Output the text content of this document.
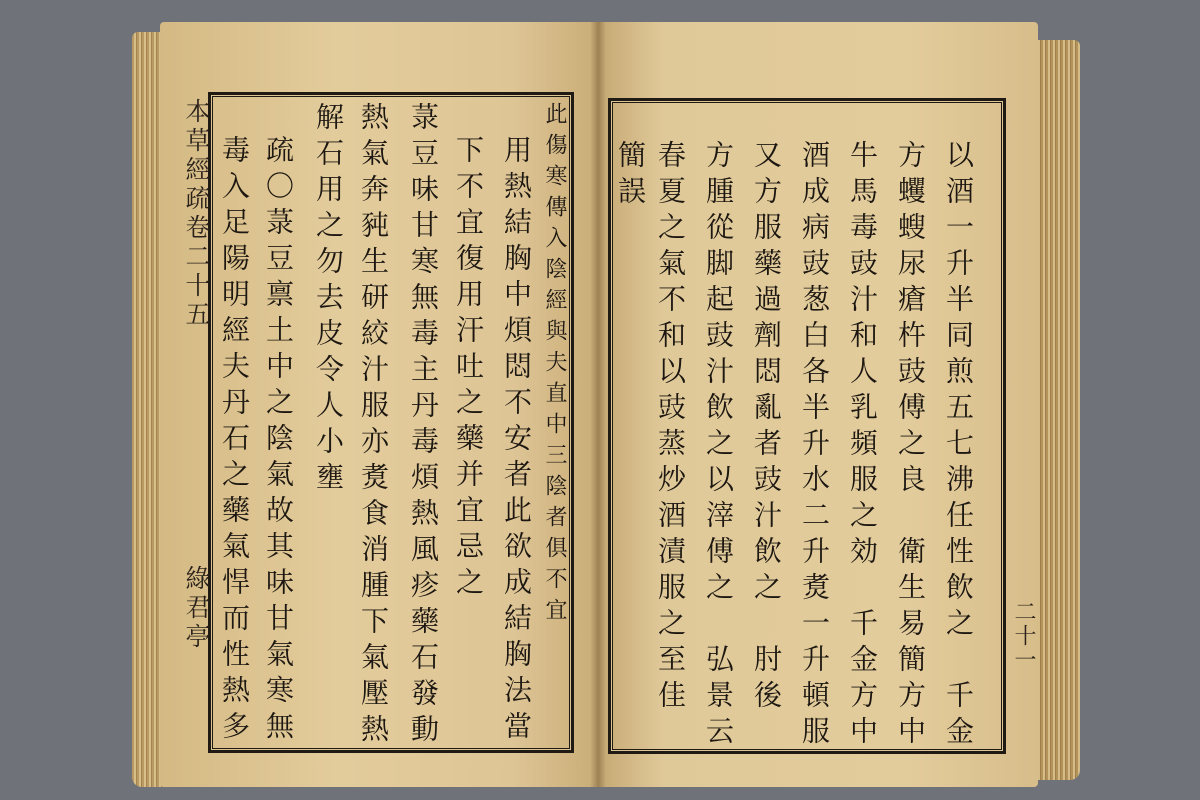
本草經疏卷二十五
綠君亭 毒入足陽明經夫丹石之藥氣悍而性熱多 疏〇菉豆禀土中之陰氣故其味甘氣寒無 解石用之勿去皮令人小壅 熱氣奔豘生研絞汁服亦煑食消腫下氣壓熱 菉豆味甘寒無毒主丹毒煩熱風疹藥石發動 下不宜復用汗吐之藥并宜忌之 用熱結胸中煩悶不安者此欲成結胸法當 此傷寒傳入陰經與夫直中三陰者俱不宜 簡誤 春夏之氣不和以豉蒸炒酒漬服之至佳 方腫從脚起豉汁飲之以滓傅之　弘景云 又方服藥過劑悶亂者豉汁飲之　肘後 酒成病豉葱白各半升水二升煑一升頓服 牛馬毒豉汁和人乳頻服之効　千金方中 方蠼螋尿瘡杵豉傅之良　衛生易簡方中 以酒一升半同煎五七沸任性飲之　千金 二十一
